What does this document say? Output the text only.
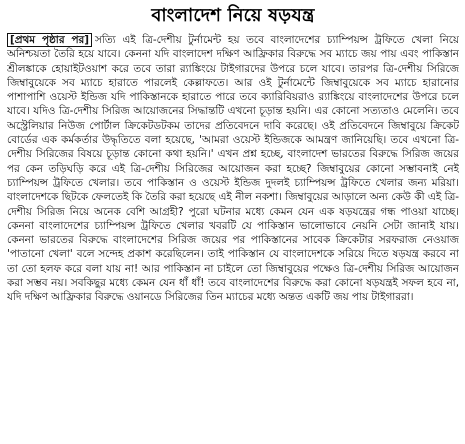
বাংলাদেশ নিয়ে ষড়যন্ত্র

[প্রথম পৃষ্ঠার পর] সত্যি এই ত্রি-দেশীয় টুর্নামেন্ট হয় তবে বাংলাদেশের চ্যাম্পিয়ন্স ট্রফিতে খেলা নিয়ে অনিশ্চয়তা তৈরি হয়ে যাবে। কেননা যদি বাংলাদেশ দক্ষিণ আফ্রিকার বিরুদ্ধে সব ম্যাচে জয় পায় এবং পাকিস্তান শ্রীলঙ্কাকে হোয়াইটওয়াশ করে তবে তারা র‍্যাঙ্কিংয়ে টাইগারদের উপরে চলে যাবে। তারপর ত্রি-দেশীয় সিরিজে জিম্বাবুয়েকে সব ম্যাচে হারাতে পারলেই কেল্লাফতে। আর ওই টুর্নামেন্টে জিম্বাবুয়েকে সব ম্যাচে হারানোর পাশাপাশি ওয়েস্ট ইন্ডিজ যদি পাকিস্তানকে হারাতে পারে তবে ক্যারিবিয়রাও র‍্যাঙ্কিংয়ে বাংলাদেশের উপরে চলে যাবে। যদিও ত্রি-দেশীয় সিরিজ আয়োজনের সিদ্ধান্তটি এখনো চূড়ান্ত হয়নি। এর কোনো সত্যতাও মেলেনি। তবে অস্ট্রেলিয়ার নিউজ পোর্টাল ক্রিকেটডটকম তাদের প্রতিবেদনে দাবি করেছে। ওই প্রতিবেদনে জিম্বাবুয়ে ক্রিকেট বোর্ডের এক কর্মকর্তার উদ্ধৃতিতে বলা হয়েছে, 'আমরা ওয়েস্ট ইন্ডিজকে আমন্ত্রণ জানিয়েছি। তবে এখনো ত্রি-দেশীয় সিরিজের বিষয়ে চূড়ান্ত কোনো কথা হয়নি।' এখন প্রশ্ন হচ্ছে, বাংলাদেশ ভারতের বিরুদ্ধে সিরিজ জয়ের পর কেন তড়িঘড়ি করে এই ত্রি-দেশীয় সিরিজের আয়োজন করা হচ্ছে? জিম্বাবুয়ের কোনো সম্ভাবনাই নেই চ্যাম্পিয়ন্স ট্রফিতে খেলার। তবে পাকিস্তান ও ওয়েস্ট ইন্ডিজ দুদলই চ্যাম্পিয়ন্স ট্রফিতে খেলার জন্য মরিয়া। বাংলাদেশকে ছিটকে ফেলতেই কি তৈরি করা হয়েছে এই নীল নকশা। জিম্বাবুয়ের আড়ালে অন্য কেউ কী এই ত্রি-দেশীয় সিরিজ নিয়ে অনেক বেশি আগ্রহী? পুরো ঘটনার মধ্যে কেমন যেন এক ষড়যন্ত্রের গন্ধ পাওয়া যাচ্ছে। কেননা বাংলাদেশের চ্যাম্পিয়ন্স ট্রফিতে খেলার খবরটি যে পাকিস্তান ভালোভাবে নেয়নি সেটা জানাই যায়। কেননা ভারতের বিরুদ্ধে বাংলাদেশের সিরিজ জয়ের পর পাকিস্তানের সাবেক ক্রিকেটার সরফরাজ নেওয়াজ 'পাতানো খেলা' বলে সন্দেহ প্রকাশ করেছিলেন। তাই পাকিস্তান যে বাংলাদেশকে সরিয়ে দিতে ষড়যন্ত্র করবে না তা তো হলফ করে বলা যায় না! আর পাকিস্তান না চাইলে তো জিম্বাবুয়ের পক্ষেও ত্রি-দেশীয় সিরিজ আয়োজন করা সম্ভব নয়। সবকিছুর মধ্যে কেমন যেন ধাঁ ধাঁ! তবে বাংলাদেশের বিরুদ্ধে করা কোনো ষড়যন্ত্রই সফল হবে না, যদি দক্ষিণ আফ্রিকার বিরুদ্ধে ওয়ানডে সিরিজের তিন ম্যাচের মধ্যে অন্তত একটি জয় পায় টাইগাররা।
